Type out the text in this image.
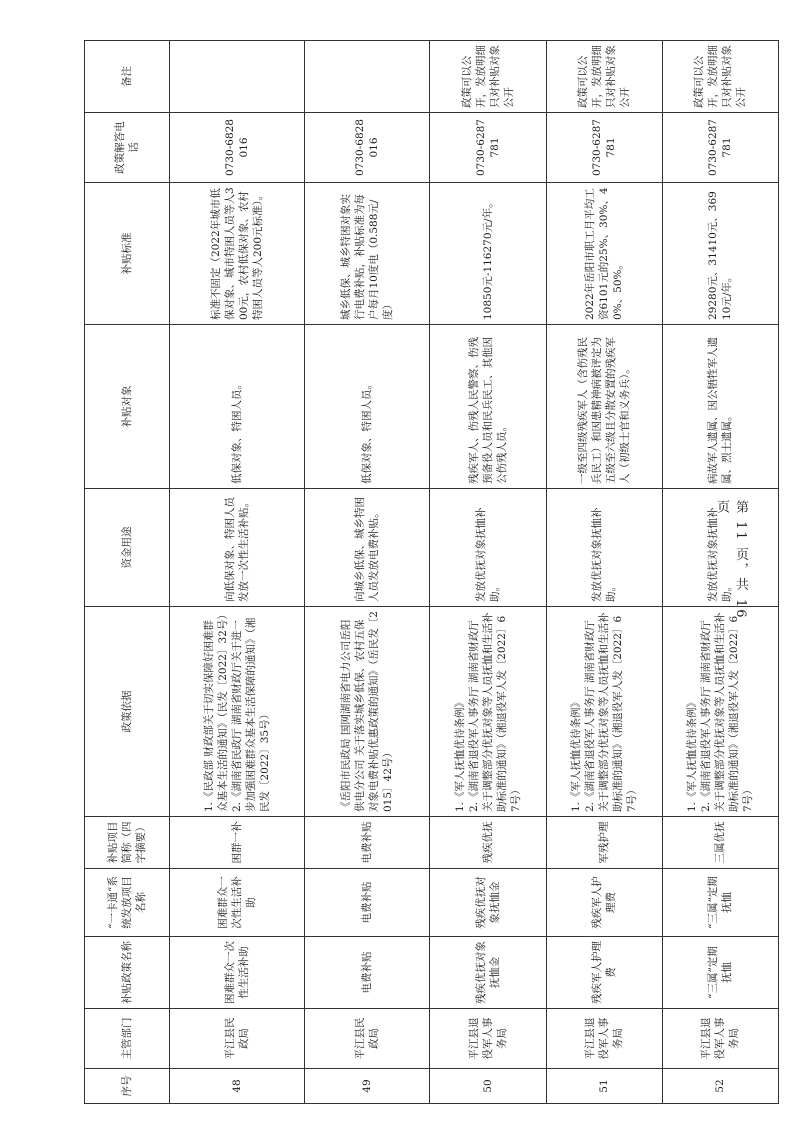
序号	主管部门	补贴政策名称	“一卡通”系统发放项目名称	补贴项目简称（四字摘要）	政策依据	资金用途	补贴对象	补贴标准	政策解答电话	备注
48	平江县民政局	困难群众一次性生活补助	困难群众一次性生活补助	困群一补	1.《民政部 财政部关于切实保障好困难群众基本生活的通知》（民发〔2022〕32号） 2.《湖南省民政厅 湖南省财政厅关于进一步加强困难群众基本生活保障的通知》（湘民发〔2022〕35号）	向低保对象、特困人员发放一次性生活补贴。	低保对象、特困人员。	标准不固定（2022年城市低保对象、城市特困人员等人300元，农村低保对象、农村特困人员等人200元标准）。	0730-6828016	
49	平江县民政局	电费补贴	电费补贴	电费补贴	《岳阳市民政局 国网湖南省电力公司岳阳供电分公司 关于落实城乡低保、农村五保对象电费补贴优惠政策的通知》（岳民发〔2015〕42号）	向城乡低保、城乡特困人员发放电费补贴。	低保对象、特困人员。	城乡低保、城乡特困对象实行电费补贴，补贴标准为每户每月10度电（0.588元/度）	0730-6828016	
50	平江县退役军人事务局	残疾优抚对象抚恤金	残疾优抚对象抚恤金	残疾优抚	1.《军人抚恤优待条例》 2.《湖南省退役军人事务厅 湖南省财政厅关于调整部分优抚对象等人员抚恤和生活补助标准的通知》（湘退役军人发〔2022〕67号）	发放优抚对象抚恤补助。	残疾军人、伤残人民警察、伤残预备役人员和民兵民工、其他因公伤残人员。	10850元-116270元/年。	0730-6287781	政策可以公开，发放明细只对补贴对象公开
51	平江县退役军人事务局	残疾军人护理费	残疾军人护理费	军残护理	1.《军人抚恤优待条例》 2.《湖南省退役军人事务厅 湖南省财政厅关于调整部分优抚对象等人员抚恤和生活补助标准的通知》（湘退役军人发〔2022〕67号）	发放优抚对象抚恤补助。	一级至四级残疾军人（含伤残民兵民工）和因患精神病被评定为五级至六级且分散安置的残疾军人（初级士官和义务兵）。	2022年岳阳市职工月平均工资6101元的25%、30%、40%、50%。	0730-6287781	政策可以公开，发放明细只对补贴对象公开
52	平江县退役军人事务局	“三属”定期抚恤	“三属”定期抚恤	三属优抚	1.《军人抚恤优待条例》 2.《湖南省退役军人事务厅 湖南省财政厅关于调整部分优抚对象等人员抚恤和生活补助标准的通知》（湘退役军人发〔2022〕67号）	发放优抚对象抚恤补助。	病故军人遗属、因公牺牲军人遗属、烈士遗属。	29280元、31410元、36910元/年。	0730-6287781	政策可以公开，发放明细只对补贴对象公开
第 11 页，共 16 页
